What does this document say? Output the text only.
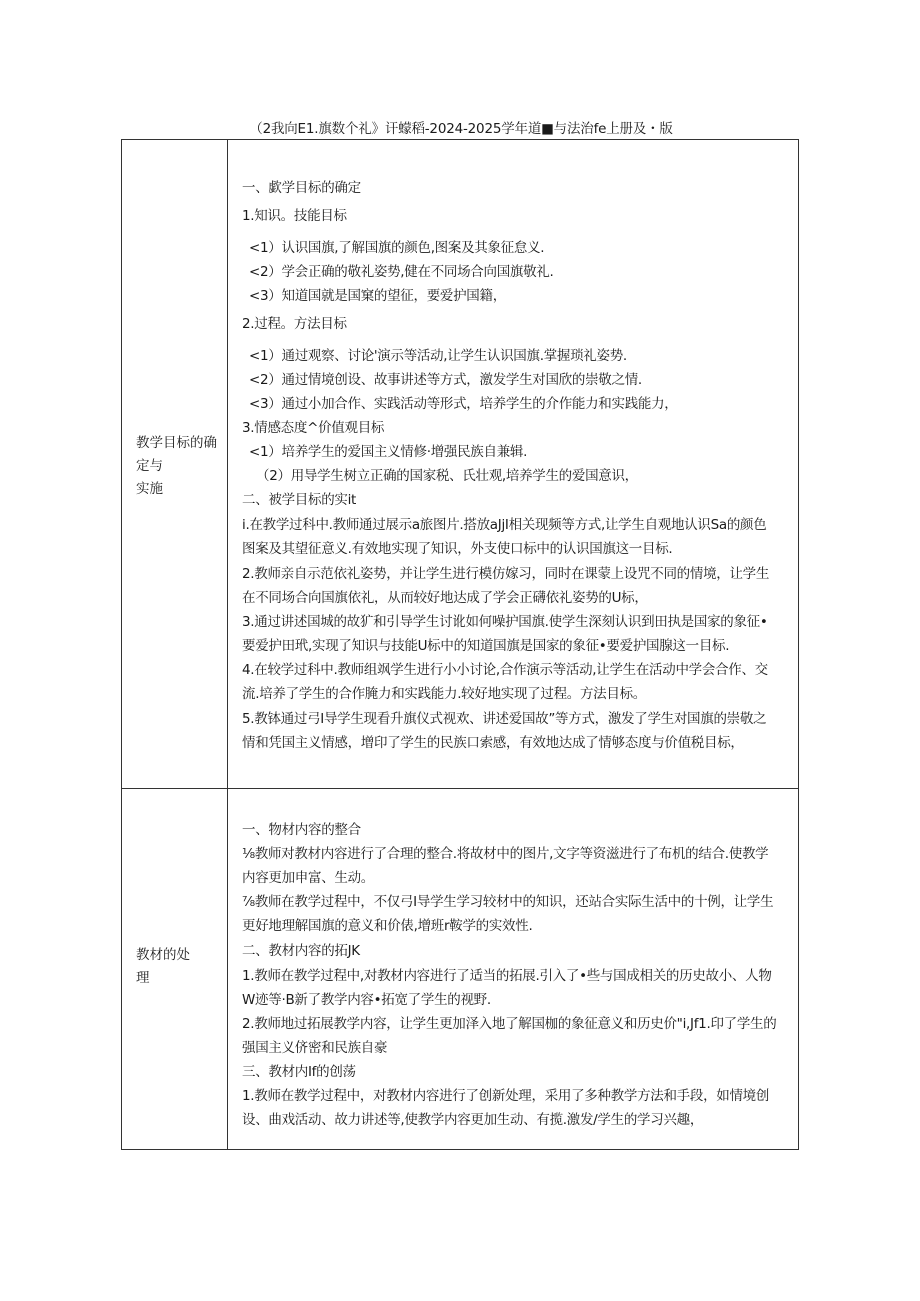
（2我向E1.旗数个礼》讦蠓稻-2024-2025学年道■与法治fe上册及・版
教学目标的确
定与
实施
一、歔学目标的确定
1.知识。技能目标
<1）认识国旗,了解国旗的颜色,图案及其象征怠义.
<2）学会正确的敬礼姿势,健在不同场合向国旗敬礼.
<3）知道国就是国窠的望征，要爱护国籍，
2.过程。方法目标
<1）通过观察、讨论'演示等活动,让学生认识国旗.掌握琐礼姿势.
<2）通过情境创设、故事讲述等方式，激发学生对国欣的崇敬之情.
<3）通过小加合作、实践活动等形式，培养学生的介作能力和实践能力，
3.情感态度^价值观目标
<1）培养学生的爱国主义情修·增强民族自兼辑.
（2）用导学生树立正确的国家税、氏壮观,培养学生的爱国意识，
二、被学目标的实it
i.在教学过科中.教师通过展示a旅图片.搭放aJjI相关现频等方式,让学生自观地认识Sa的颜色
图案及其望征意义.有效地实现了知识，外支使口标中的认识国旗这一目标.
2.教师亲自示范依礼姿势，并让学生进行模仿嫁习，同时在课蒙上设咒不同的情境，让学生
在不同场合向国旗依礼，从而较好地达成了学会正礴依礼姿势的U标，
3.通过讲述国城的故犷和引导学生讨讹如何噪护国旗.使学生深刻认识到田执是国家的象征•
要爱护田玳,实现了知识与技能U标中的知道国旗是国家的象征•要爱护国腺这一目标.
4.在较学过科中.教师组飒学生进行小小讨论,合作演示等活动,让学生在活动中学会合作、交
流.培养了学生的合作腌力和实践能力.较好地实现了过程。方法目标。
5.教钵通过弓I导学生现看升旗仪式视欢、讲述爱国故”等方式，激发了学生对国旗的崇敬之
情和凭国主义情感，增印了学生的民族口索感，有效地达成了情够态度与价值税目标，
教材的处
理
一、物材内容的整合
⅛教师对教材内容进行了合理的整合.将故材中的图片,文字等资滋进行了布机的结合.使教学
内容更加申富、生动。
⅞教师在教学过程中，不仅弓I导学生学习较材中的知识，还站合实际生活中的十例，让学生
更好地理解国旗的意义和价俵,增班r鞍学的实效性.
二、教材内容的拓JK
1.教师在教学过程中,对教材内容进行了适当的拓展.引入了•些与国成相关的历史故小、人物
W迹等·B新了教学内容•拓宽了学生的视野.
2.教师地过拓展教学内容，让学生更加泽入地了解国枷的象征意义和历史价"i,Jf1.印了学生的
强国主义侪密和民族自豪
三、教材内If的创荡
1.教师在教学过程中，对教材内容进行了创新处理，采用了多种教学方法和手段，如情境创
设、曲戏活动、故力讲述等,使教学内容更加生动、有揽.激发/学生的学习兴趣，
